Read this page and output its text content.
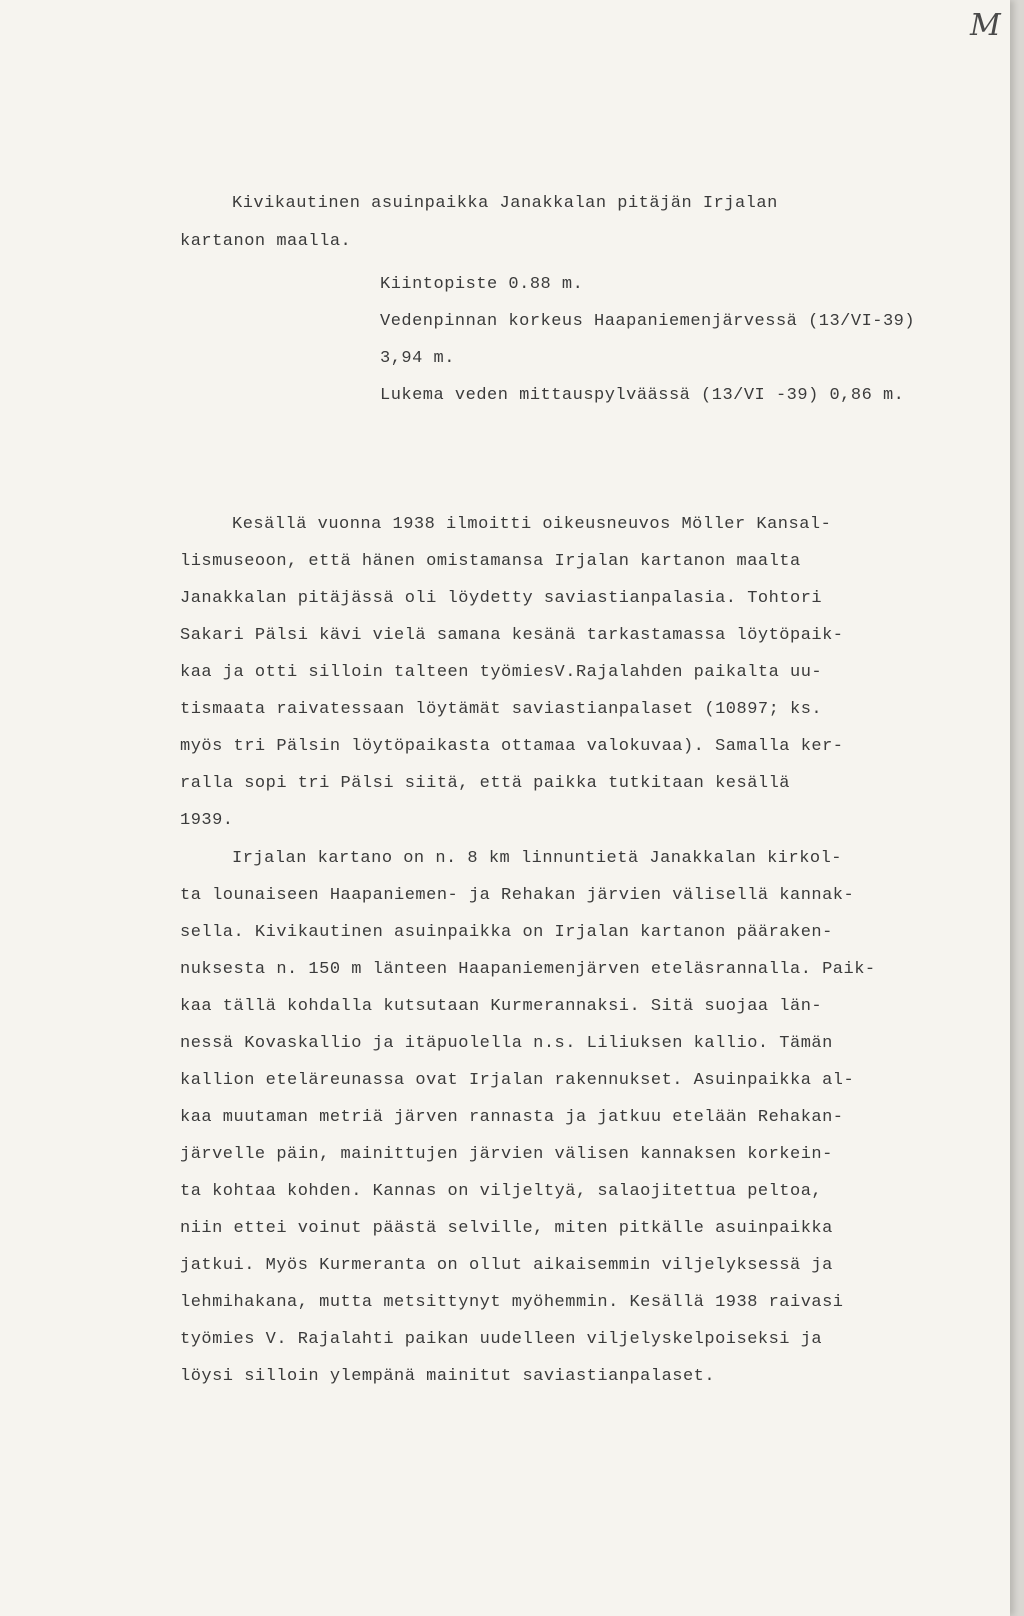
M
Kivikautinen asuinpaikka Janakkalan pitäjän Irjalan
kartanon maalla.
Kiintopiste 0.88 m.
Vedenpinnan korkeus Haapaniemenjärvessä (13/VI-39)
3,94 m.
Lukema veden mittauspylväässä (13/VI -39) 0,86 m.
Kesällä vuonna 1938 ilmoitti oikeusneuvos Möller Kansal-
lismuseoon, että hänen omistamansa Irjalan kartanon maalta
Janakkalan pitäjässä oli löydetty saviastianpalasia. Tohtori
Sakari Pälsi kävi vielä samana kesänä tarkastamassa löytöpaik-
kaa ja otti silloin talteen työmiesV.Rajalahden paikalta uu-
tismaata raivatessaan löytämät saviastianpalaset (10897; ks.
myös tri Pälsin löytöpaikasta ottamaa valokuvaa). Samalla ker-
ralla sopi tri Pälsi siitä, että paikka tutkitaan kesällä
1939.
Irjalan kartano on n. 8 km linnuntietä Janakkalan kirkol-
ta lounaiseen Haapaniemen- ja Rehakan järvien välisellä kannak-
sella. Kivikautinen asuinpaikka on Irjalan kartanon pääraken-
nuksesta n. 150 m länteen Haapaniemenjärven eteläsrannalla. Paik-
kaa tällä kohdalla kutsutaan Kurmerannaksi. Sitä suojaa län-
nessä Kovaskallio ja itäpuolella n.s. Liliuksen kallio. Tämän
kallion eteläreunassa ovat Irjalan rakennukset. Asuinpaikka al-
kaa muutaman metriä järven rannasta ja jatkuu etelään Rehakan-
järvelle päin, mainittujen järvien välisen kannaksen korkein-
ta kohtaa kohden. Kannas on viljeltyä, salaojitettua peltoa,
niin ettei voinut päästä selville, miten pitkälle asuinpaikka
jatkui. Myös Kurmeranta on ollut aikaisemmin viljelyksessä ja
lehmihakana, mutta metsittynyt myöhemmin. Kesällä 1938 raivasi
työmies V. Rajalahti paikan uudelleen viljelyskelpoiseksi ja
löysi silloin ylempänä mainitut saviastianpalaset.
